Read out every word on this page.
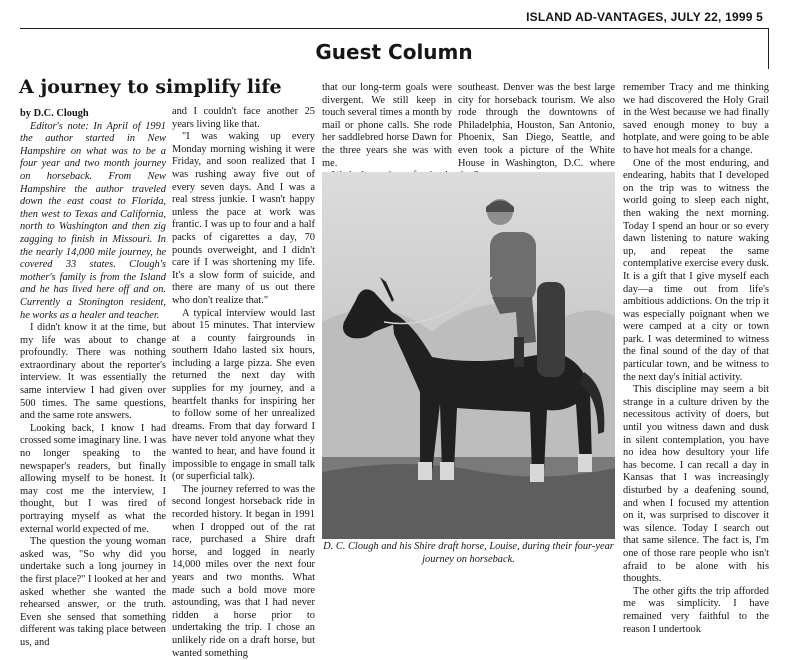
ISLAND AD-VANTAGES, JULY 22, 1999 5
Guest Column
A journey to simplify life

by D.C. Clough

Editor's note: In April of 1991 the author started in New Hampshire on what was to be a four year and two month journey on horseback. From New Hampshire the author traveled down the east coast to Florida, then west to Texas and California, north to Washington and then zig zagging to finish in Missouri. In the nearly 14,000 mile journey, he covered 33 states. Clough's mother's family is from the Island and he has lived here off and on. Currently a Stonington resident, he works as a healer and teacher.

I didn't know it at the time, but my life was about to change profoundly. There was nothing extraordinary about the reporter's interview. It was essentially the same interview I had given over 500 times. The same questions, and the same rote answers.

Looking back, I know I had crossed some imaginary line. I was no longer speaking to the newspaper's readers, but finally allowing myself to be honest. It may cost me the interview, I thought, but I was tired of portraying myself as what the external world expected of me.

The question the young woman asked was, "So why did you undertake such a long journey in the first place?" I looked at her and asked whether she wanted the rehearsed answer, or the truth. Even she sensed that something different was taking place between us, and

and I couldn't face another 25 years living like that.

"I was waking up every Monday morning wishing it were Friday, and soon realized that I was rushing away five out of every seven days. And I was a real stress junkie. I wasn't happy unless the pace at work was frantic. I was up to four and a half packs of cigarettes a day, 70 pounds overweight, and I didn't care if I was shortening my life. It's a slow form of suicide, and there are many of us out there who don't realize that."

A typical interview would last about 15 minutes. That interview at a county fairgrounds in southern Idaho lasted six hours, including a large pizza. She even returned the next day with supplies for my journey, and a heartfelt thanks for inspiring her to follow some of her unrealized dreams. From that day forward I have never told anyone what they wanted to hear, and have found it impossible to engage in small talk (or superficial talk).

The journey referred to was the second longest horseback ride in recorded history. It began in 1991 when I dropped out of the rat race, purchased a Shire draft horse, and logged in nearly 14,000 miles over the next four years and two months. What made such a bold move more astounding, was that I had never ridden a horse prior to undertaking the trip. I chose an unlikely ride on a draft horse, but wanted something

that our long-term goals were divergent. We still keep in touch several times a month by mail or phone calls. She rode her saddlebred horse Dawn for the three years she was with me.

southeast. Denver was the best large city for horseback tourism. We also rode through the downtowns of Philadelphia, Houston, San Antonio, Phoenix, San Diego, Seattle, and even took a picture of the White House in Washington, D.C. where

D. C. Clough and his Shire draft horse, Louise, during their four-year journey on horseback.

remember Tracy and me thinking we had discovered the Holy Grail in the West because we had finally saved enough money to buy a hotplate, and were going to be able to have hot meals for a change.

One of the most enduring, and endearing, habits that I developed on the trip was to witness the world going to sleep each night, then waking the next morning. Today I spend an hour or so every dawn listening to nature waking up, and repeat the same contemplative exercise every dusk. It is a gift that I give myself each day—a time out from life's ambitious addictions. On the trip it was especially poignant when we were camped at a city or town park. I was determined to witness the final sound of the day of that particular town, and be witness to the next day's initial activity.

This discipline may seem a bit strange in a culture driven by the necessitous activity of doers, but until you witness dawn and dusk in silent contemplation, you have no idea how desultory your life has become. I can recall a day in Kansas that I was increasingly disturbed by a deafening sound, and when I focused my attention on it, was surprised to discover it was silence. Today I search out that same silence. The fact is, I'm one of those rare people who isn't afraid to be alone with his thoughts.

The other gifts the trip afforded me was simplicity. I have remained very faithful to the reason I undertook
